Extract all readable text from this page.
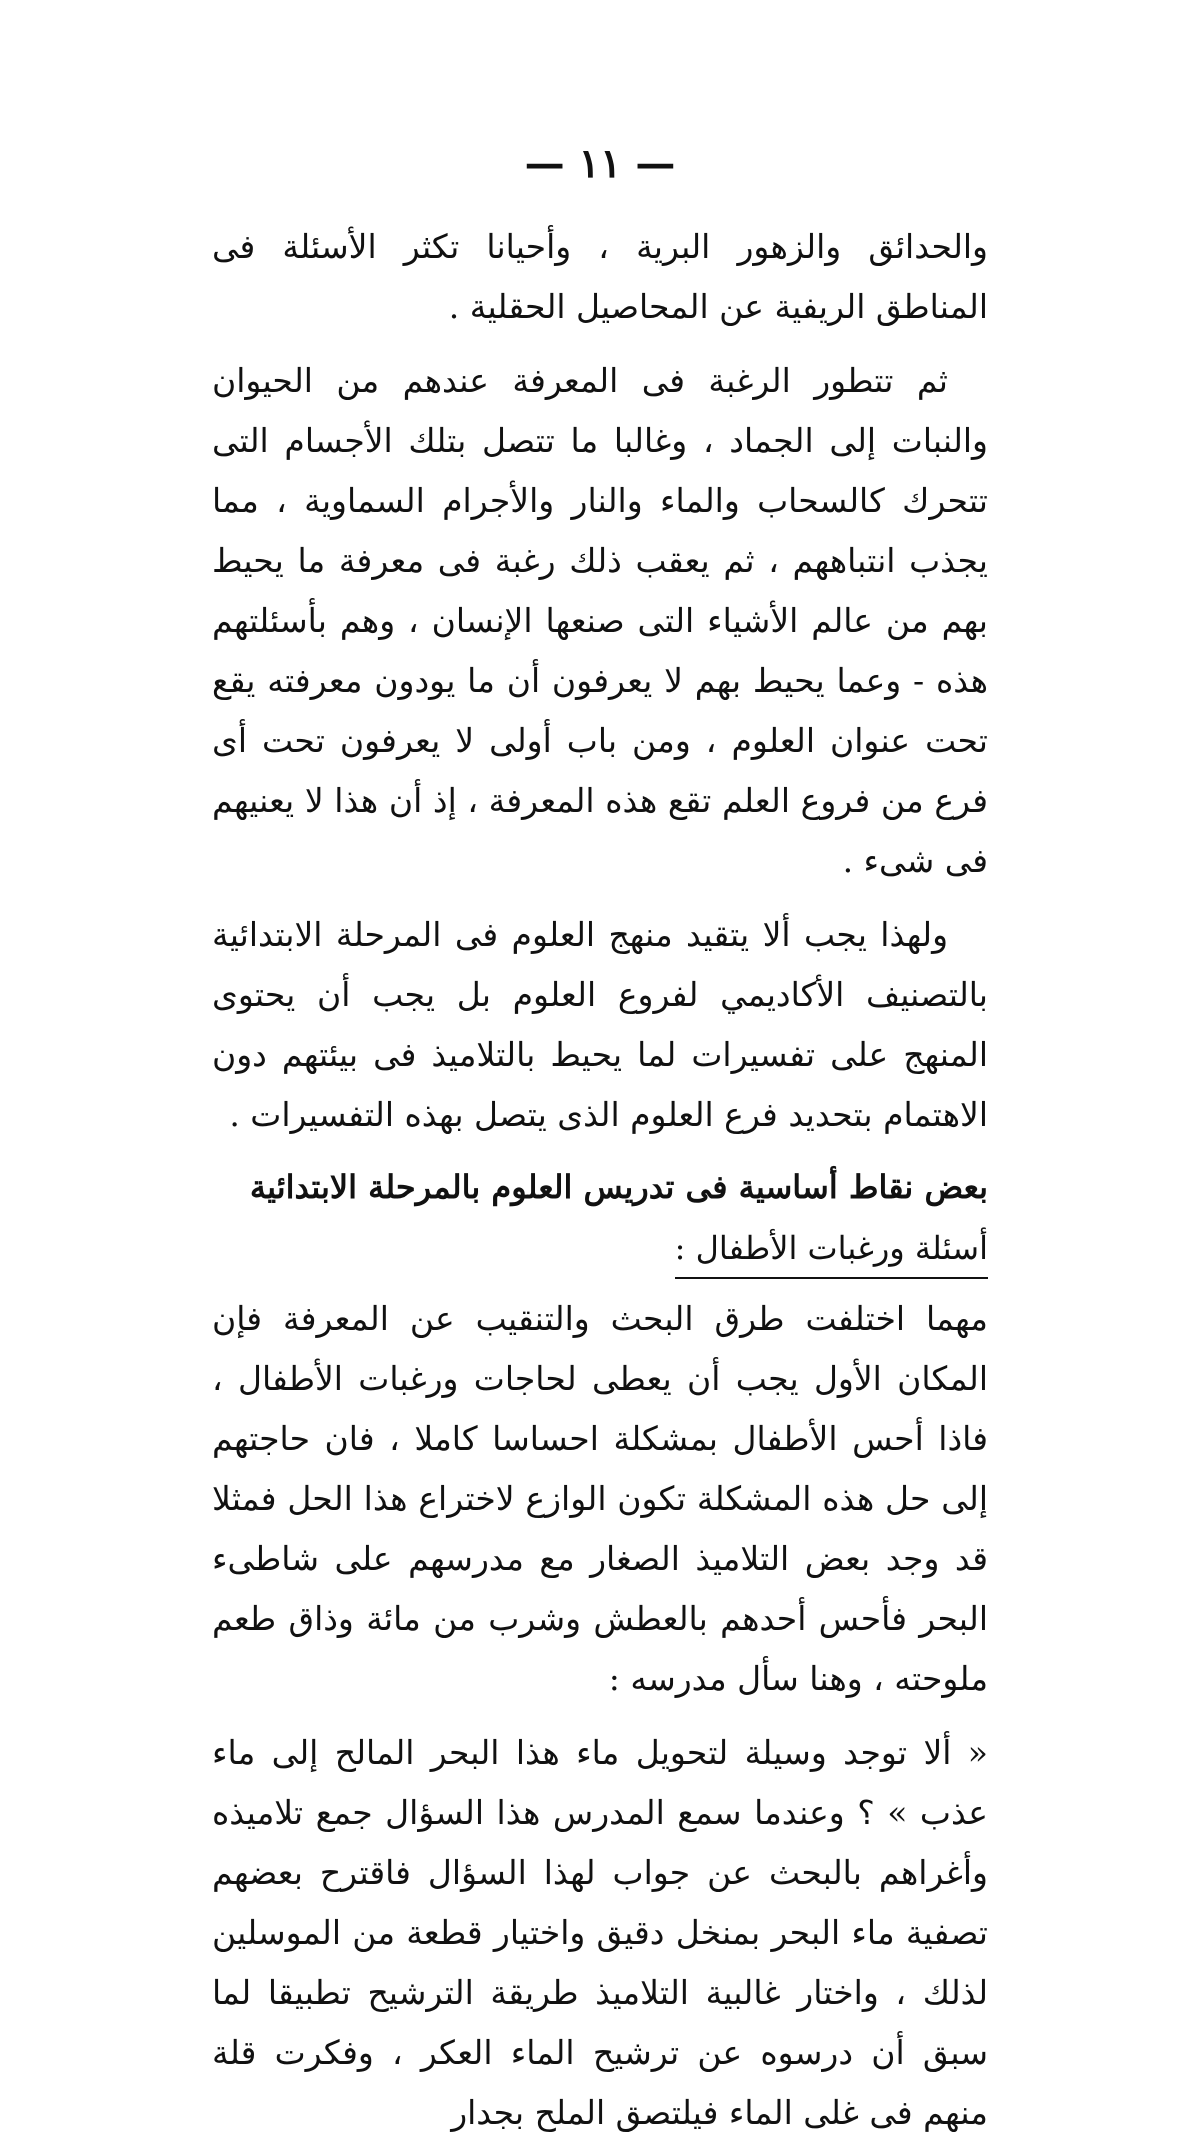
— ١١ —

والحدائق والزهور البرية ، وأحيانا تكثر الأسئلة فى المناطق الريفية عن المحاصيل الحقلية .

ثم تتطور الرغبة فى المعرفة عندهم من الحيوان والنبات إلى الجماد ، وغالبا ما تتصل بتلك الأجسام التى تتحرك كالسحاب والماء والنار والأجرام السماوية ، مما يجذب انتباههم ، ثم يعقب ذلك رغبة فى معرفة ما يحيط بهم من عالم الأشياء التى صنعها الإنسان ، وهم بأسئلتهم هذه - وعما يحيط بهم لا يعرفون أن ما يودون معرفته يقع تحت عنوان العلوم ، ومن باب أولى لا يعرفون تحت أى فرع من فروع العلم تقع هذه المعرفة ، إذ أن هذا لا يعنيهم فى شىء .

ولهذا يجب ألا يتقيد منهج العلوم فى المرحلة الابتدائية بالتصنيف الأكاديمي لفروع العلوم بل يجب أن يحتوى المنهج على تفسيرات لما يحيط بالتلاميذ فى بيئتهم دون الاهتمام بتحديد فرع العلوم الذى يتصل بهذه التفسيرات .

بعض نقاط أساسية فى تدريس العلوم بالمرحلة الابتدائية
أسئلة ورغبات الأطفال :

مهما اختلفت طرق البحث والتنقيب عن المعرفة فإن المكان الأول يجب أن يعطى لحاجات ورغبات الأطفال ، فاذا أحس الأطفال بمشكلة احساسا كاملا ، فان حاجتهم إلى حل هذه المشكلة تكون الوازع لاختراع هذا الحل فمثلا قد وجد بعض التلاميذ الصغار مع مدرسهم على شاطىء البحر فأحس أحدهم بالعطش وشرب من مائة وذاق طعم ملوحته ، وهنا سأل مدرسه :

« ألا توجد وسيلة لتحويل ماء هذا البحر المالح إلى ماء عذب » ؟ وعندما سمع المدرس هذا السؤال جمع تلاميذه وأغراهم بالبحث عن جواب لهذا السؤال فاقترح بعضهم تصفية ماء البحر بمنخل دقيق واختيار قطعة من الموسلين لذلك ، واختار غالبية التلاميذ طريقة الترشيح تطبيقا لما سبق أن درسوه عن ترشيح الماء العكر ، وفكرت قلة منهم فى غلى الماء فيلتصق الملح بجدار
